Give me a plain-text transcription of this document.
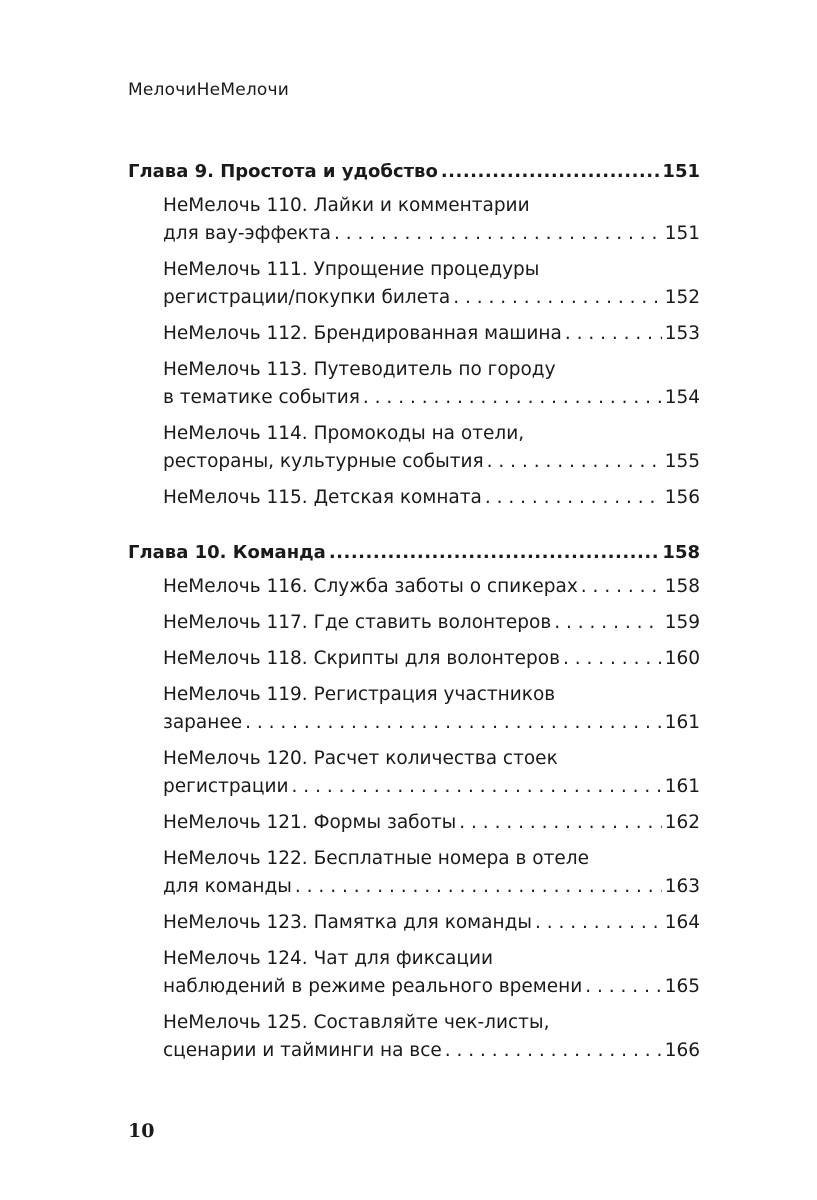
МелочиНеМелочи
Глава 9. Простота и удобство .....	151
НеМелочь 110. Лайки и комментарии
для вау-эффекта . . .	151
НеМелочь 111. Упрощение процедуры
регистрации/покупки билета . . .	152
НеМелочь 112. Брендированная машина . . .	153
НеМелочь 113. Путеводитель по городу
в тематике события . . .	154
НеМелочь 114. Промокоды на отели,
рестораны, культурные события . . .	155
НеМелочь 115. Детская комната . . .	156
Глава 10. Команда .....	158
НеМелочь 116. Служба заботы о спикерах . . .	158
НеМелочь 117. Где ставить волонтеров . . .	159
НеМелочь 118. Скрипты для волонтеров . . .	160
НеМелочь 119. Регистрация участников
заранее . . .	161
НеМелочь 120. Расчет количества стоек
регистрации . . .	161
НеМелочь 121. Формы заботы . . .	162
НеМелочь 122. Бесплатные номера в отеле
для команды . . .	163
НеМелочь 123. Памятка для команды . . .	164
НеМелочь 124. Чат для фиксации
наблюдений в режиме реального времени . . .	165
НеМелочь 125. Составляйте чек-листы,
сценарии и тайминги на все . . .	166
10
